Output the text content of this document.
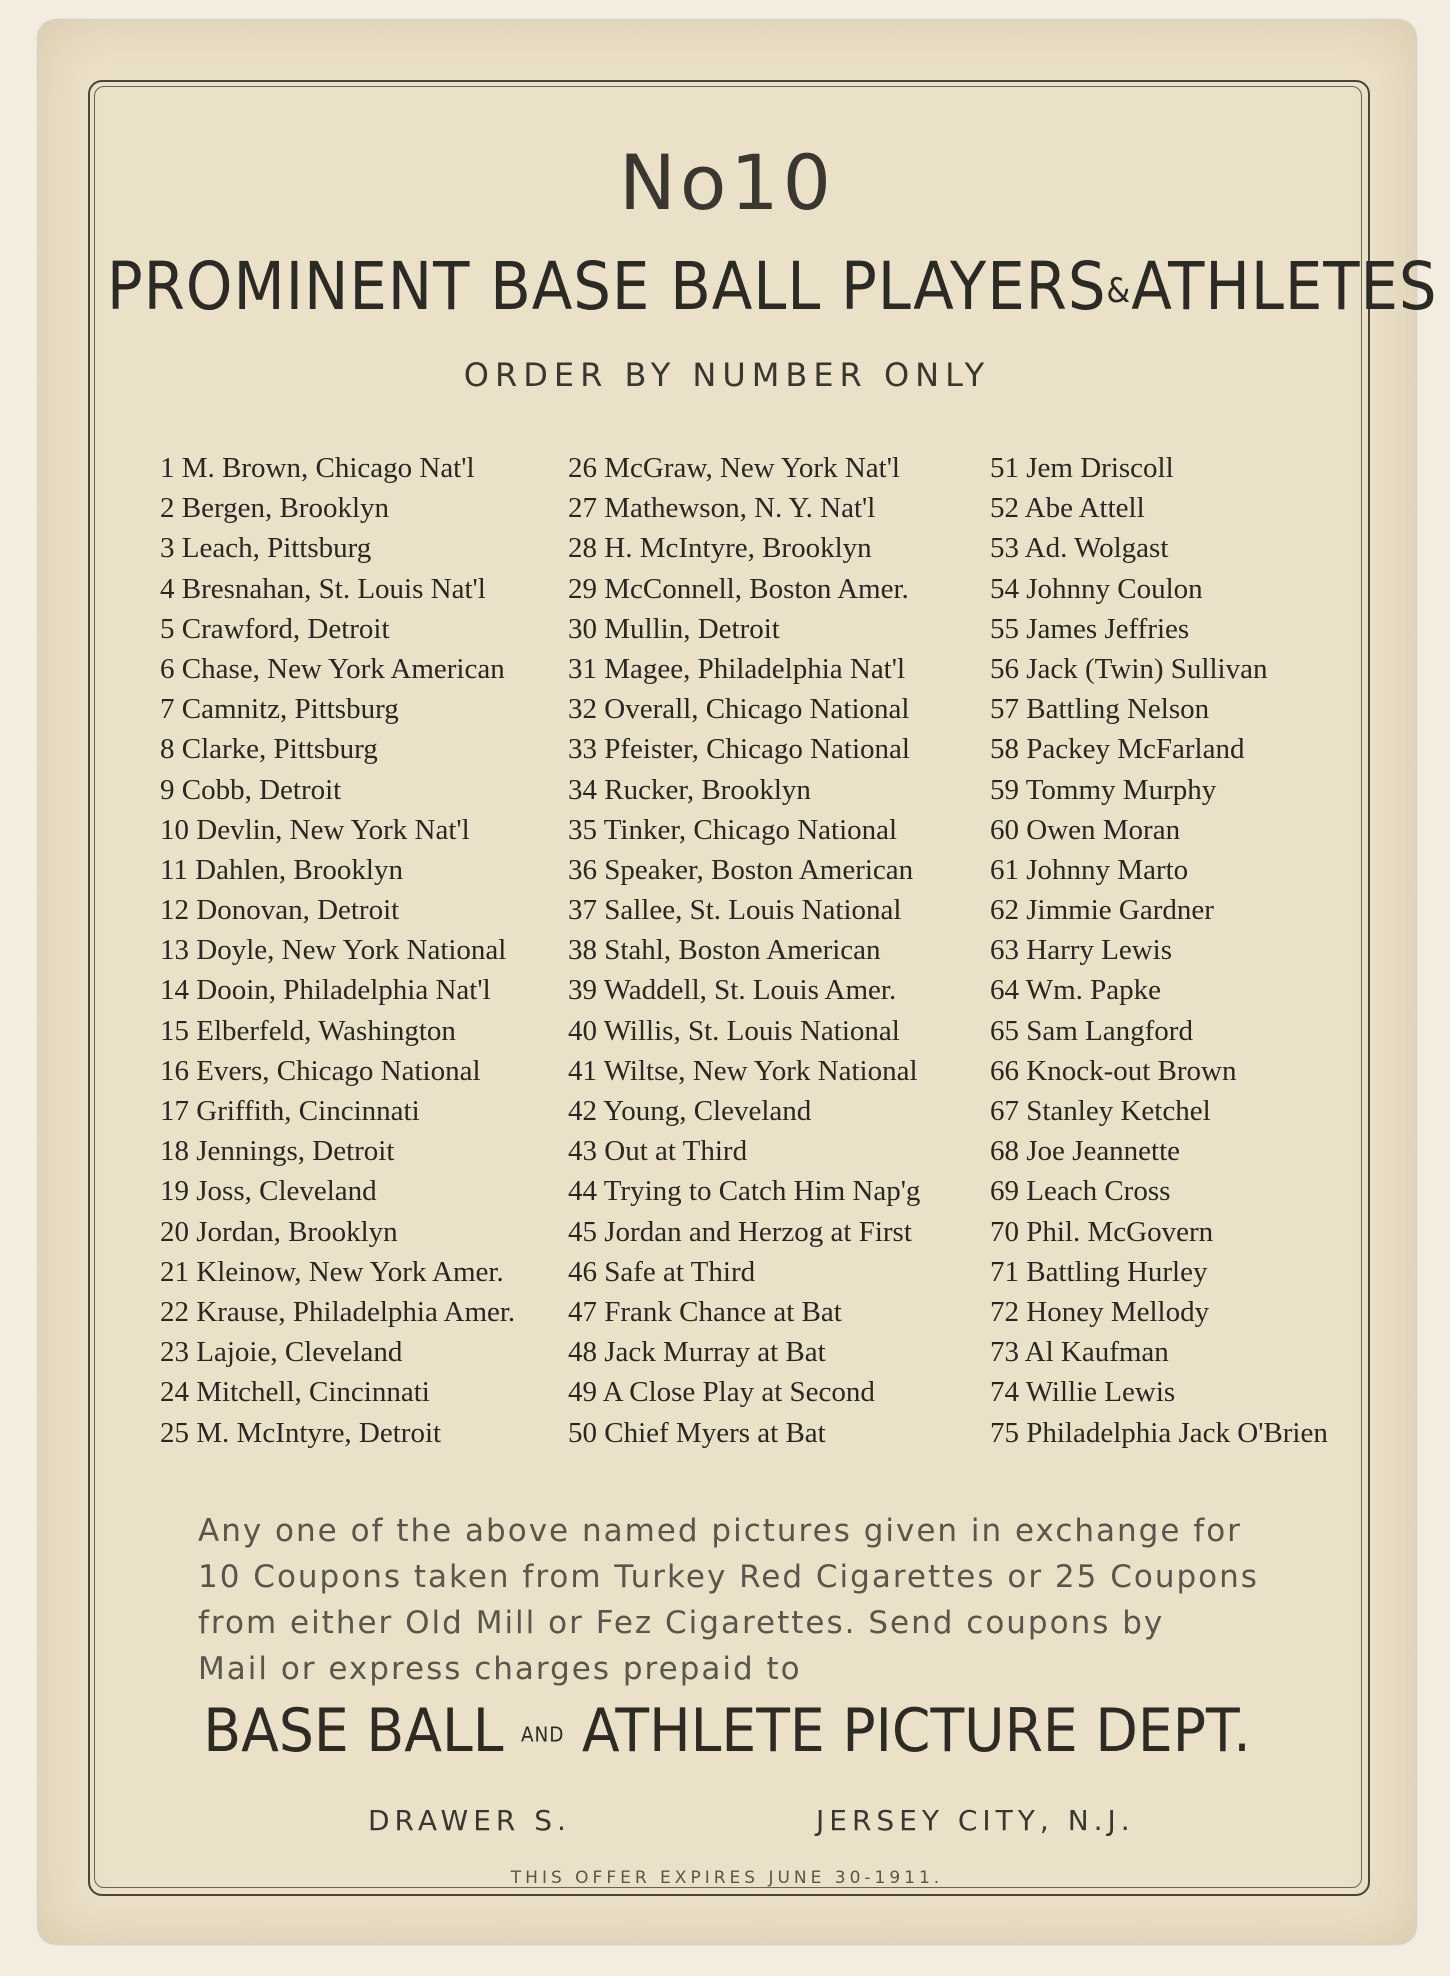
No10
PROMINENT BASE BALL PLAYERS&ATHLETES
ORDER BY NUMBER ONLY
1 M. Brown, Chicago Nat'l
2 Bergen, Brooklyn
3 Leach, Pittsburg
4 Bresnahan, St. Louis Nat'l
5 Crawford, Detroit
6 Chase, New York American
7 Camnitz, Pittsburg
8 Clarke, Pittsburg
9 Cobb, Detroit
10 Devlin, New York Nat'l
11 Dahlen, Brooklyn
12 Donovan, Detroit
13 Doyle, New York National
14 Dooin, Philadelphia Nat'l
15 Elberfeld, Washington
16 Evers, Chicago National
17 Griffith, Cincinnati
18 Jennings, Detroit
19 Joss, Cleveland
20 Jordan, Brooklyn
21 Kleinow, New York Amer.
22 Krause, Philadelphia Amer.
23 Lajoie, Cleveland
24 Mitchell, Cincinnati
25 M. McIntyre, Detroit
26 McGraw, New York Nat'l
27 Mathewson, N. Y. Nat'l
28 H. McIntyre, Brooklyn
29 McConnell, Boston Amer.
30 Mullin, Detroit
31 Magee, Philadelphia Nat'l
32 Overall, Chicago National
33 Pfeister, Chicago National
34 Rucker, Brooklyn
35 Tinker, Chicago National
36 Speaker, Boston American
37 Sallee, St. Louis National
38 Stahl, Boston American
39 Waddell, St. Louis Amer.
40 Willis, St. Louis National
41 Wiltse, New York National
42 Young, Cleveland
43 Out at Third
44 Trying to Catch Him Nap'g
45 Jordan and Herzog at First
46 Safe at Third
47 Frank Chance at Bat
48 Jack Murray at Bat
49 A Close Play at Second
50 Chief Myers at Bat
51 Jem Driscoll
52 Abe Attell
53 Ad. Wolgast
54 Johnny Coulon
55 James Jeffries
56 Jack (Twin) Sullivan
57 Battling Nelson
58 Packey McFarland
59 Tommy Murphy
60 Owen Moran
61 Johnny Marto
62 Jimmie Gardner
63 Harry Lewis
64 Wm. Papke
65 Sam Langford
66 Knock-out Brown
67 Stanley Ketchel
68 Joe Jeannette
69 Leach Cross
70 Phil. McGovern
71 Battling Hurley
72 Honey Mellody
73 Al Kaufman
74 Willie Lewis
75 Philadelphia Jack O'Brien
Any one of the above named pictures given in exchange for
10 Coupons taken from Turkey Red Cigarettes or 25 Coupons
from either Old Mill or Fez Cigarettes. Send coupons by
Mail or express charges prepaid to
BASE BALL AND ATHLETE PICTURE DEPT.
DRAWER S.	JERSEY CITY, N.J.
THIS OFFER EXPIRES JUNE 30-1911.
